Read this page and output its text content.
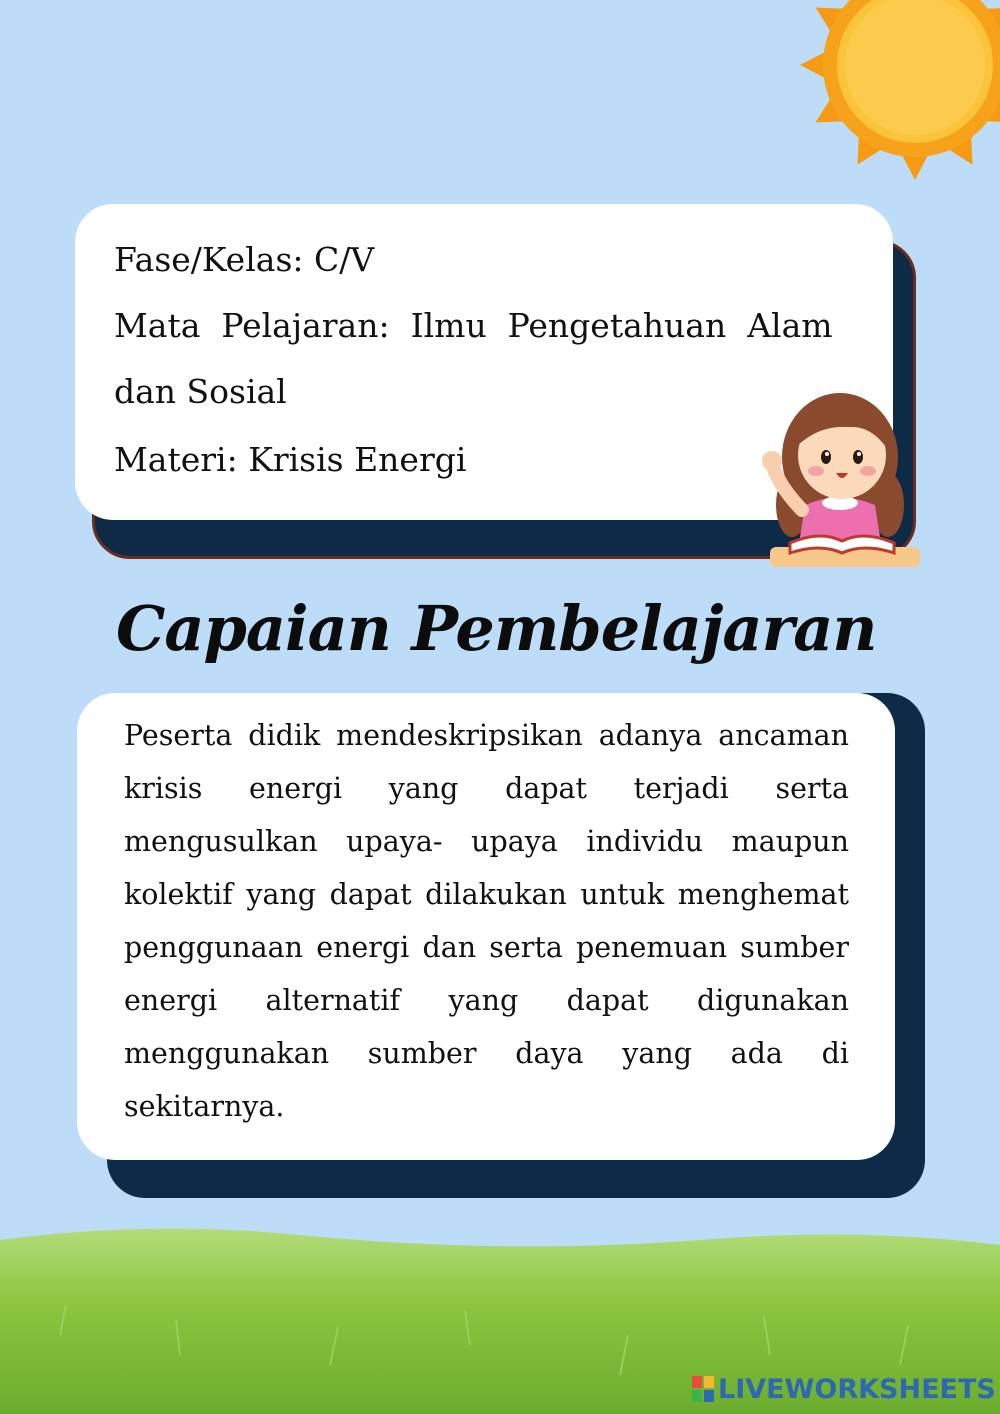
Fase/Kelas: C/V
Mata  Pelajaran:  Ilmu  Pengetahuan  Alam
dan Sosial
Materi: Krisis Energi
Capaian Pembelajaran
Peserta didik mendeskripsikan adanya ancaman
krisis energi yang dapat terjadi serta
mengusulkan upaya- upaya individu maupun
kolektif yang dapat dilakukan untuk menghemat
penggunaan energi dan serta penemuan sumber
energi alternatif yang dapat digunakan
menggunakan sumber daya yang ada di
sekitarnya.
LIVEWORKSHEETS
